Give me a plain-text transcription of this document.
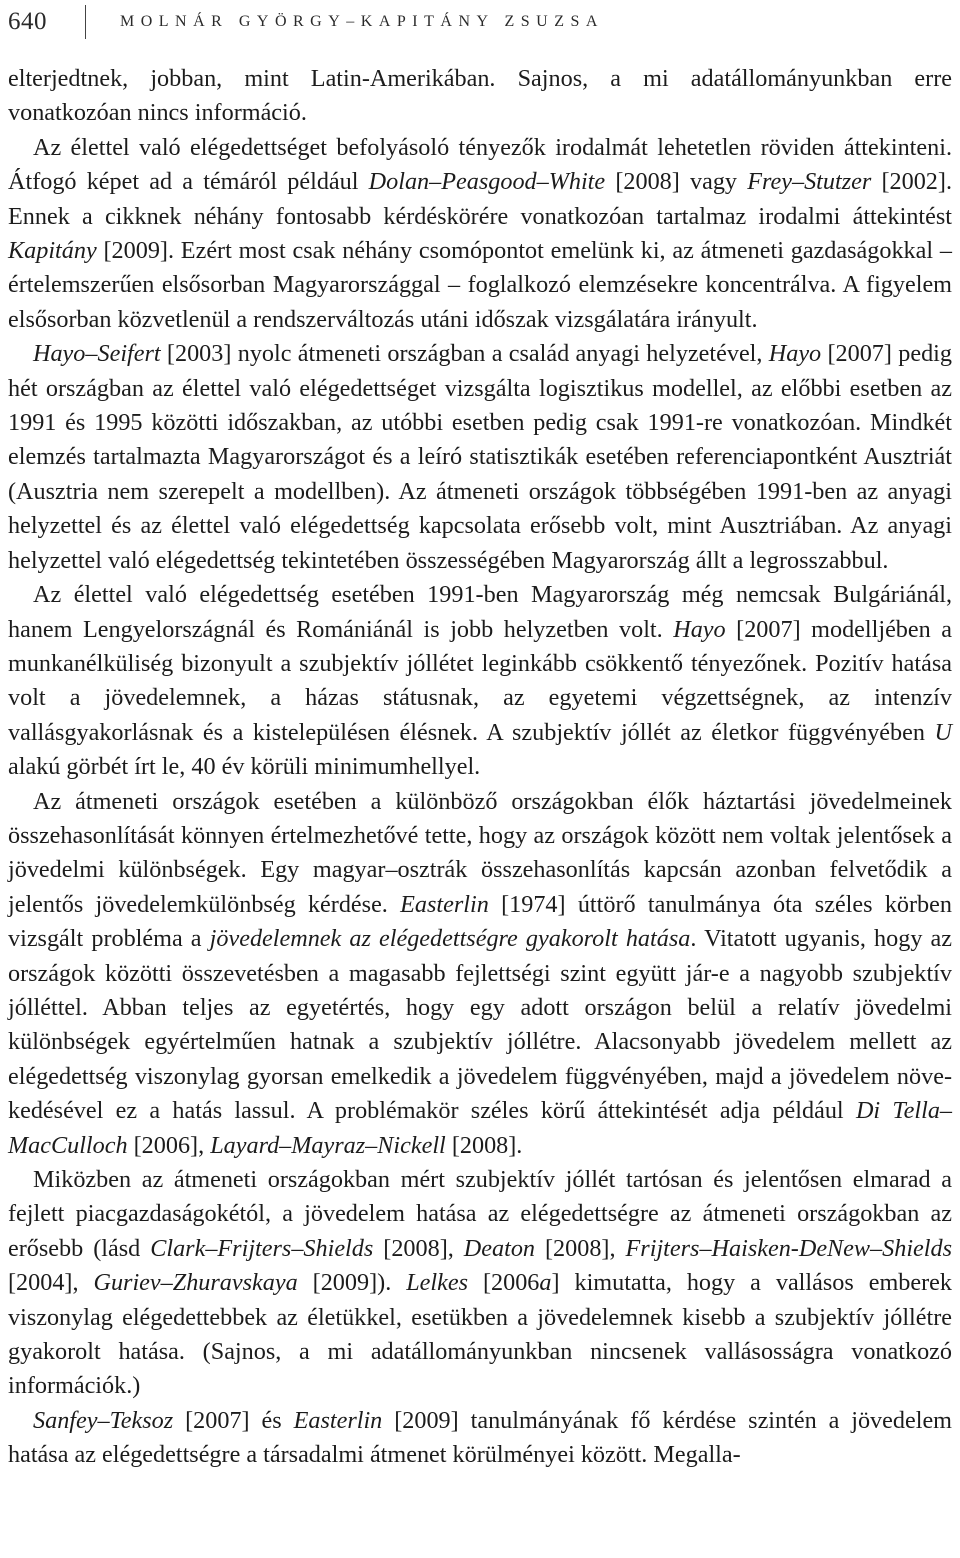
640	MOLNÁR GYÖRGY–KAPITÁNY ZSUZSA

elterjedtnek, jobban, mint Latin-Amerikában. Sajnos, a mi adatállományunkban erre vonatkozóan nincs információ.

Az élettel való elégedettséget befolyásoló tényezők irodalmát lehetetlen röviden áttekinteni. Átfogó képet ad a témáról például Dolan–Peasgood–White [2008] vagy Frey–Stutzer [2002]. Ennek a cikknek néhány fontosabb kérdéskörére vonatkozóan tartalmaz irodalmi áttekintést Kapitány [2009]. Ezért most csak néhány csomópontot emelünk ki, az átmeneti gazdaságokkal – értelemszerűen elsősorban Magyarországgal – foglalkozó elemzésekre koncentrálva. A figyelem elsősorban közvetlenül a rendszerváltozás utáni időszak vizsgálatára irányult.

Hayo–Seifert [2003] nyolc átmeneti országban a család anyagi helyzetével, Hayo [2007] pedig hét országban az élettel való elégedettséget vizsgálta logisztikus modellel, az előbbi esetben az 1991 és 1995 közötti időszakban, az utóbbi esetben pedig csak 1991-re vonatkozóan. Mindkét elemzés tartalmazta Magyarországot és a leíró statisztikák esetében referenciapontként Ausztriát (Ausztria nem szerepelt a modellben). Az átmeneti országok többségében 1991-ben az anyagi helyzettel és az élettel való elégedettség kapcsolata erősebb volt, mint Ausztriában. Az anyagi helyzettel való elégedettség tekintetében összességében Magyarország állt a legrosszabbul.

Az élettel való elégedettség esetében 1991-ben Magyarország még nemcsak Bulgáriánál, hanem Lengyelországnál és Romániánál is jobb helyzetben volt. Hayo [2007] modelljében a munkanélküliség bizonyult a szubjektív jóllétet leginkább csökkentő tényezőnek. Pozitív hatása volt a jövedelemnek, a házas státusnak, az egyetemi végzettségnek, az intenzív vallásgyakorlásnak és a kistelepülésen élésnek. A szubjektív jóllét az életkor függvényében U alakú görbét írt le, 40 év körüli minimumhellyel.

Az átmeneti országok esetében a különböző országokban élők háztartási jövedelmeinek összehasonlítását könnyen értelmezhetővé tette, hogy az országok között nem voltak jelentősek a jövedelmi különbségek. Egy magyar–osztrák összehasonlítás kapcsán azonban felvetődik a jelentős jövedelemkülönbség kérdése. Easterlin [1974] úttörő tanulmánya óta széles körben vizsgált probléma a jövedelemnek az elégedettségre gyakorolt hatása. Vitatott ugyanis, hogy az országok közötti összevetésben a magasabb fejlettségi szint együtt jár-e a nagyobb szubjektív jólléttel. Abban teljes az egyetértés, hogy egy adott országon belül a relatív jövedelmi különbségek egyértelműen hatnak a szubjektív jóllétre. Alacsonyabb jövedelem mellett az elégedettség viszonylag gyorsan emelkedik a jövedelem függvényében, majd a jövedelem növekedésével ez a hatás lassul. A problémakör széles körű áttekintését adja például Di Tella–MacCulloch [2006], Layard–Mayraz–Nickell [2008].

Miközben az átmeneti országokban mért szubjektív jóllét tartósan és jelentősen elmarad a fejlett piacgazdaságokétól, a jövedelem hatása az elégedettségre az átmeneti országokban az erősebb (lásd Clark–Frijters–Shields [2008], Deaton [2008], Frijters–Haisken-DeNew–Shields [2004], Guriev–Zhuravskaya [2009]). Lelkes [2006a] kimutatta, hogy a vallásos emberek viszonylag elégedettebbek az életükkel, esetükben a jövedelemnek kisebb a szubjektív jóllétre gyakorolt hatása. (Sajnos, a mi adatállományunkban nincsenek vallásosságra vonatkozó információk.)

Sanfey–Teksoz [2007] és Easterlin [2009] tanulmányának fő kérdése szintén a jövedelem hatása az elégedettségre a társadalmi átmenet körülményei között. Megalla-
